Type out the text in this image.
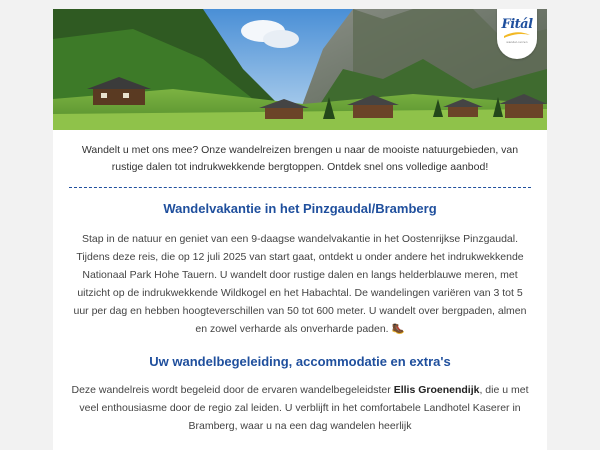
Fitál
wandel-reizen

Wandelt u met ons mee? Onze wandelreizen brengen u naar de mooiste natuurgebieden, van rustige dalen tot indrukwekkende bergtoppen. Ontdek snel ons volledige aanbod!

Wandelvakantie in het Pinzgaudal/Bramberg

Stap in de natuur en geniet van een 9-daagse wandelvakantie in het Oostenrijkse Pinzgaudal. Tijdens deze reis, die op 12 juli 2025 van start gaat, ontdekt u onder andere het indrukwekkende Nationaal Park Hohe Tauern. U wandelt door rustige dalen en langs helderblauwe meren, met uitzicht op de indrukwekkende Wildkogel en het Habachtal. De wandelingen variëren van 3 tot 5 uur per dag en hebben hoogteverschillen van 50 tot 600 meter. U wandelt over bergpaden, almen en zowel verharde als onverharde paden. 🥾

Uw wandelbegeleiding, accommodatie en extra's

Deze wandelreis wordt begeleid door de ervaren wandelbegeleidster Ellis Groenendijk, die u met veel enthousiasme door de regio zal leiden. U verblijft in het comfortabele Landhotel Kaserer in Bramberg, waar u na een dag wandelen heerlijk
